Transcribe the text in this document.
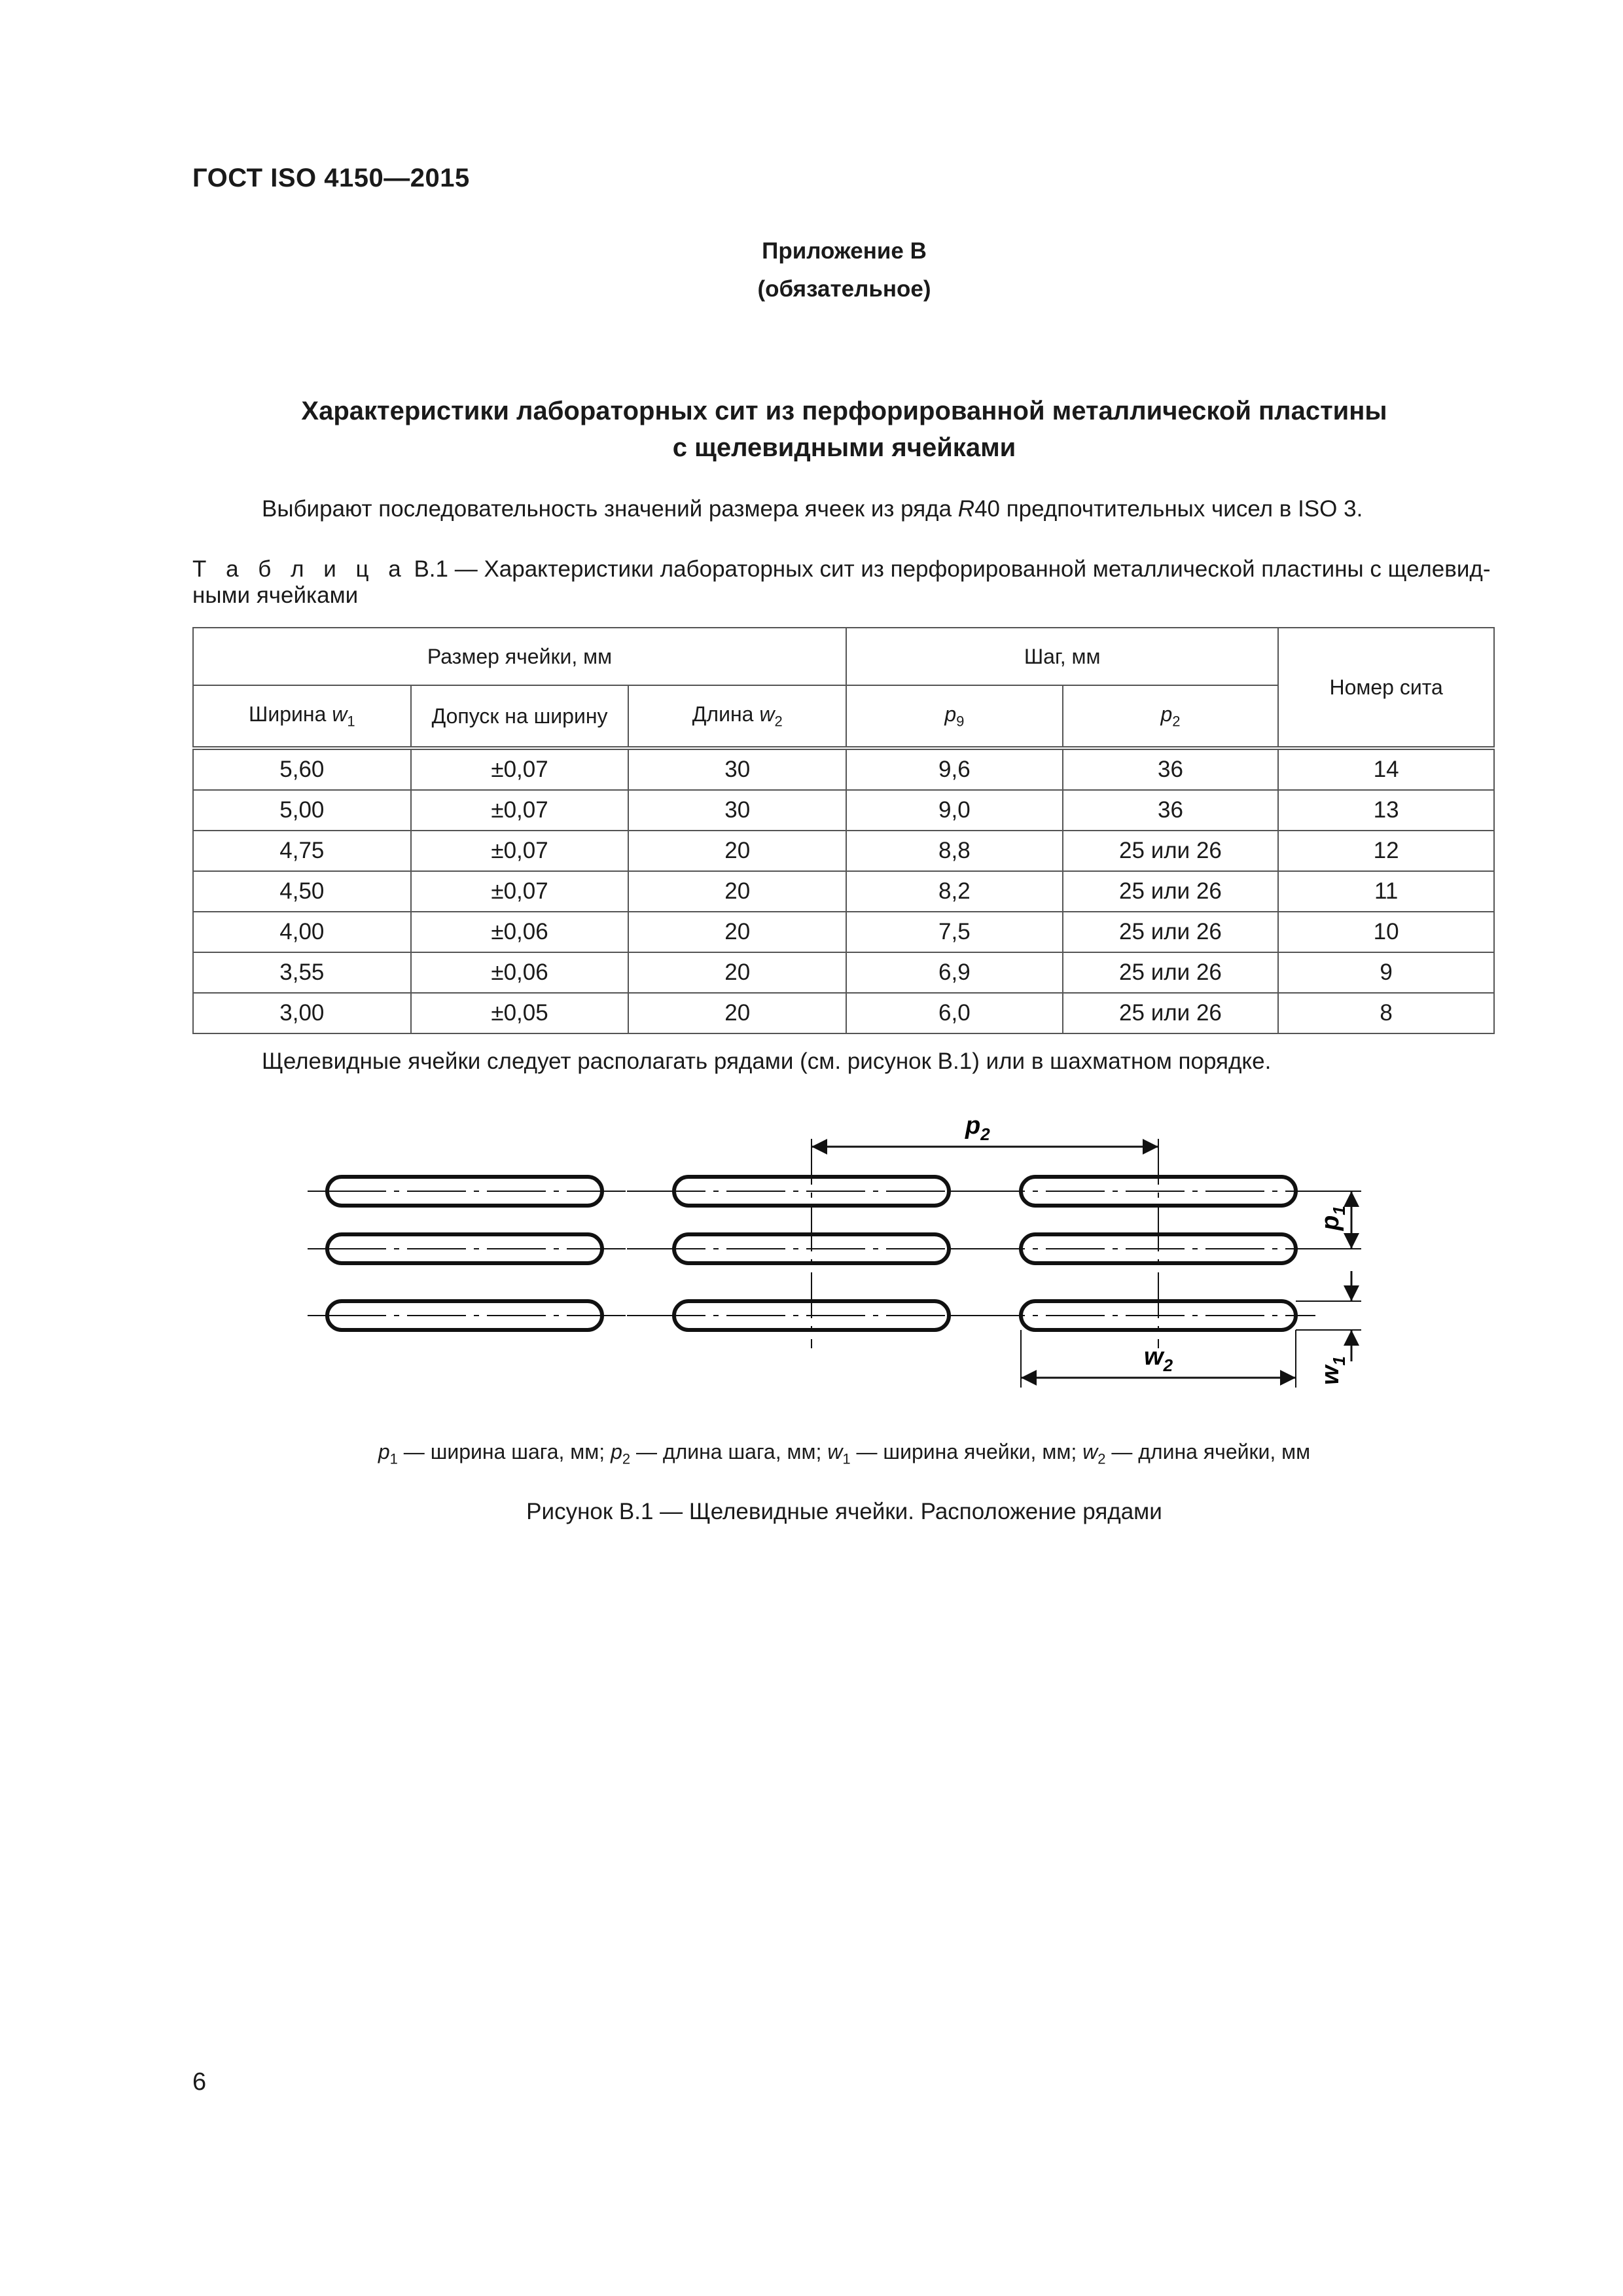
ГОСТ ISO 4150—2015
Приложение В
(обязательное)
Характеристики лабораторных сит из перфорированной металлической пластины
с щелевидными ячейками
Выбирают последовательность значений размера ячеек из ряда R40 предпочтительных чисел в ISO 3.
Т а б л и ц а В.1 — Характеристики лабораторных сит из перфорированной металлической пластины с щелевид-ными ячейками
Размер ячейки, мм			Шаг, мм		Номер сита
Ширина $w_1$	Допуск на ширину	Длина $w_2$	$p_9$	$p_2$
5,60	±0,07	30	9,6	36	14
5,00	±0,07	30	9,0	36	13
4,75	±0,07	20	8,8	25 или 26	12
4,50	±0,07	20	8,2	25 или 26	11
4,00	±0,06	20	7,5	25 или 26	10
3,55	±0,06	20	6,9	25 или 26	9
3,00	±0,05	20	6,0	25 или 26	8
Щелевидные ячейки следует располагать рядами (см. рисунок В.1) или в шахматном порядке.
$p_2$
$p_1$
$w_1$
$w_2$
$p_1$ — ширина шага, мм; $p_2$ — длина шага, мм; $w_1$ — ширина ячейки, мм; $w_2$ — длина ячейки, мм
Рисунок В.1 — Щелевидные ячейки. Расположение рядами
6
